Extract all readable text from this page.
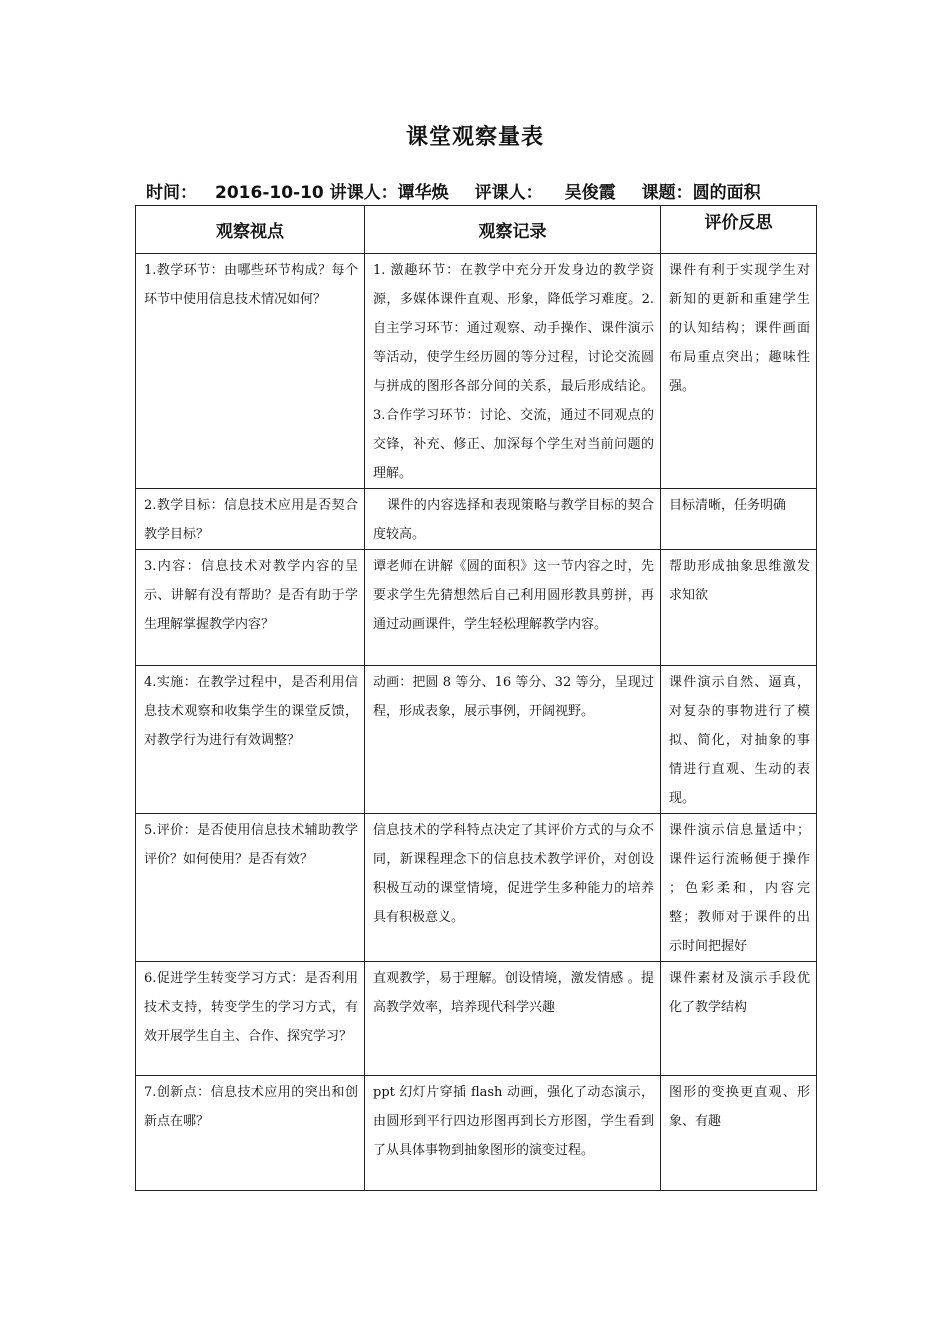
课堂观察量表
时间： 2016-10-10 讲课人：谭华焕 评课人： 吴俊霞 课题：圆的面积
观察视点	观察记录	评价反思

1.教学环节：由哪些环节构成？每个环节中使用信息技术情况如何？	1. 激趣环节：在教学中充分开发身边的教学资源，多媒体课件直观、形象，降低学习难度。2.自主学习环节：通过观察、动手操作、课件演示等活动，使学生经历圆的等分过程，讨论交流圆与拼成的图形各部分间的关系，最后形成结论。 3.合作学习环节：讨论、交流，通过不同观点的交锋，补充、修正、加深每个学生对当前问题的理解。	课件有利于实现学生对新知的更新和重建学生的认知结构；课件画面布局重点突出；趣味性强。

2.教学目标：信息技术应用是否契合教学目标？	课件的内容选择和表现策略与教学目标的契合度较高。	目标清晰，任务明确

3.内容：信息技术对教学内容的呈示、讲解有没有帮助？是否有助于学生理解掌握教学内容？	谭老师在讲解《圆的面积》这一节内容之时，先要求学生先猜想然后自己利用圆形教具剪拼，再通过动画课件，学生轻松理解教学内容。	帮助形成抽象思维激发求知欲

4.实施：在教学过程中，是否利用信息技术观察和收集学生的课堂反馈，对教学行为进行有效调整？	动画：把圆 8 等分、16 等分、32 等分，呈现过程，形成表象，展示事例，开阔视野。	课件演示自然、逼真，对复杂的事物进行了模拟、简化，对抽象的事情进行直观、生动的表现。

5.评价：是否使用信息技术辅助教学评价？如何使用？是否有效？	信息技术的学科特点决定了其评价方式的与众不同，新课程理念下的信息技术教学评价，对创设积极互动的课堂情境，促进学生多种能力的培养具有积极意义。	课件演示信息量适中；课件运行流畅便于操作 ；色彩柔和，内容完整；教师对于课件的出示时间把握好

6.促进学生转变学习方式：是否利用技术支持，转变学生的学习方式，有效开展学生自主、合作、探究学习？	直观教学，易于理解。创设情境，激发情感 。提高教学效率，培养现代科学兴趣	课件素材及演示手段优化了教学结构

7.创新点：信息技术应用的突出和创新点在哪？	ppt 幻灯片穿插 flash 动画，强化了动态演示，由圆形到平行四边形图再到长方形图，学生看到了从具体事物到抽象图形的演变过程。	图形的变换更直观、形象、有趣
